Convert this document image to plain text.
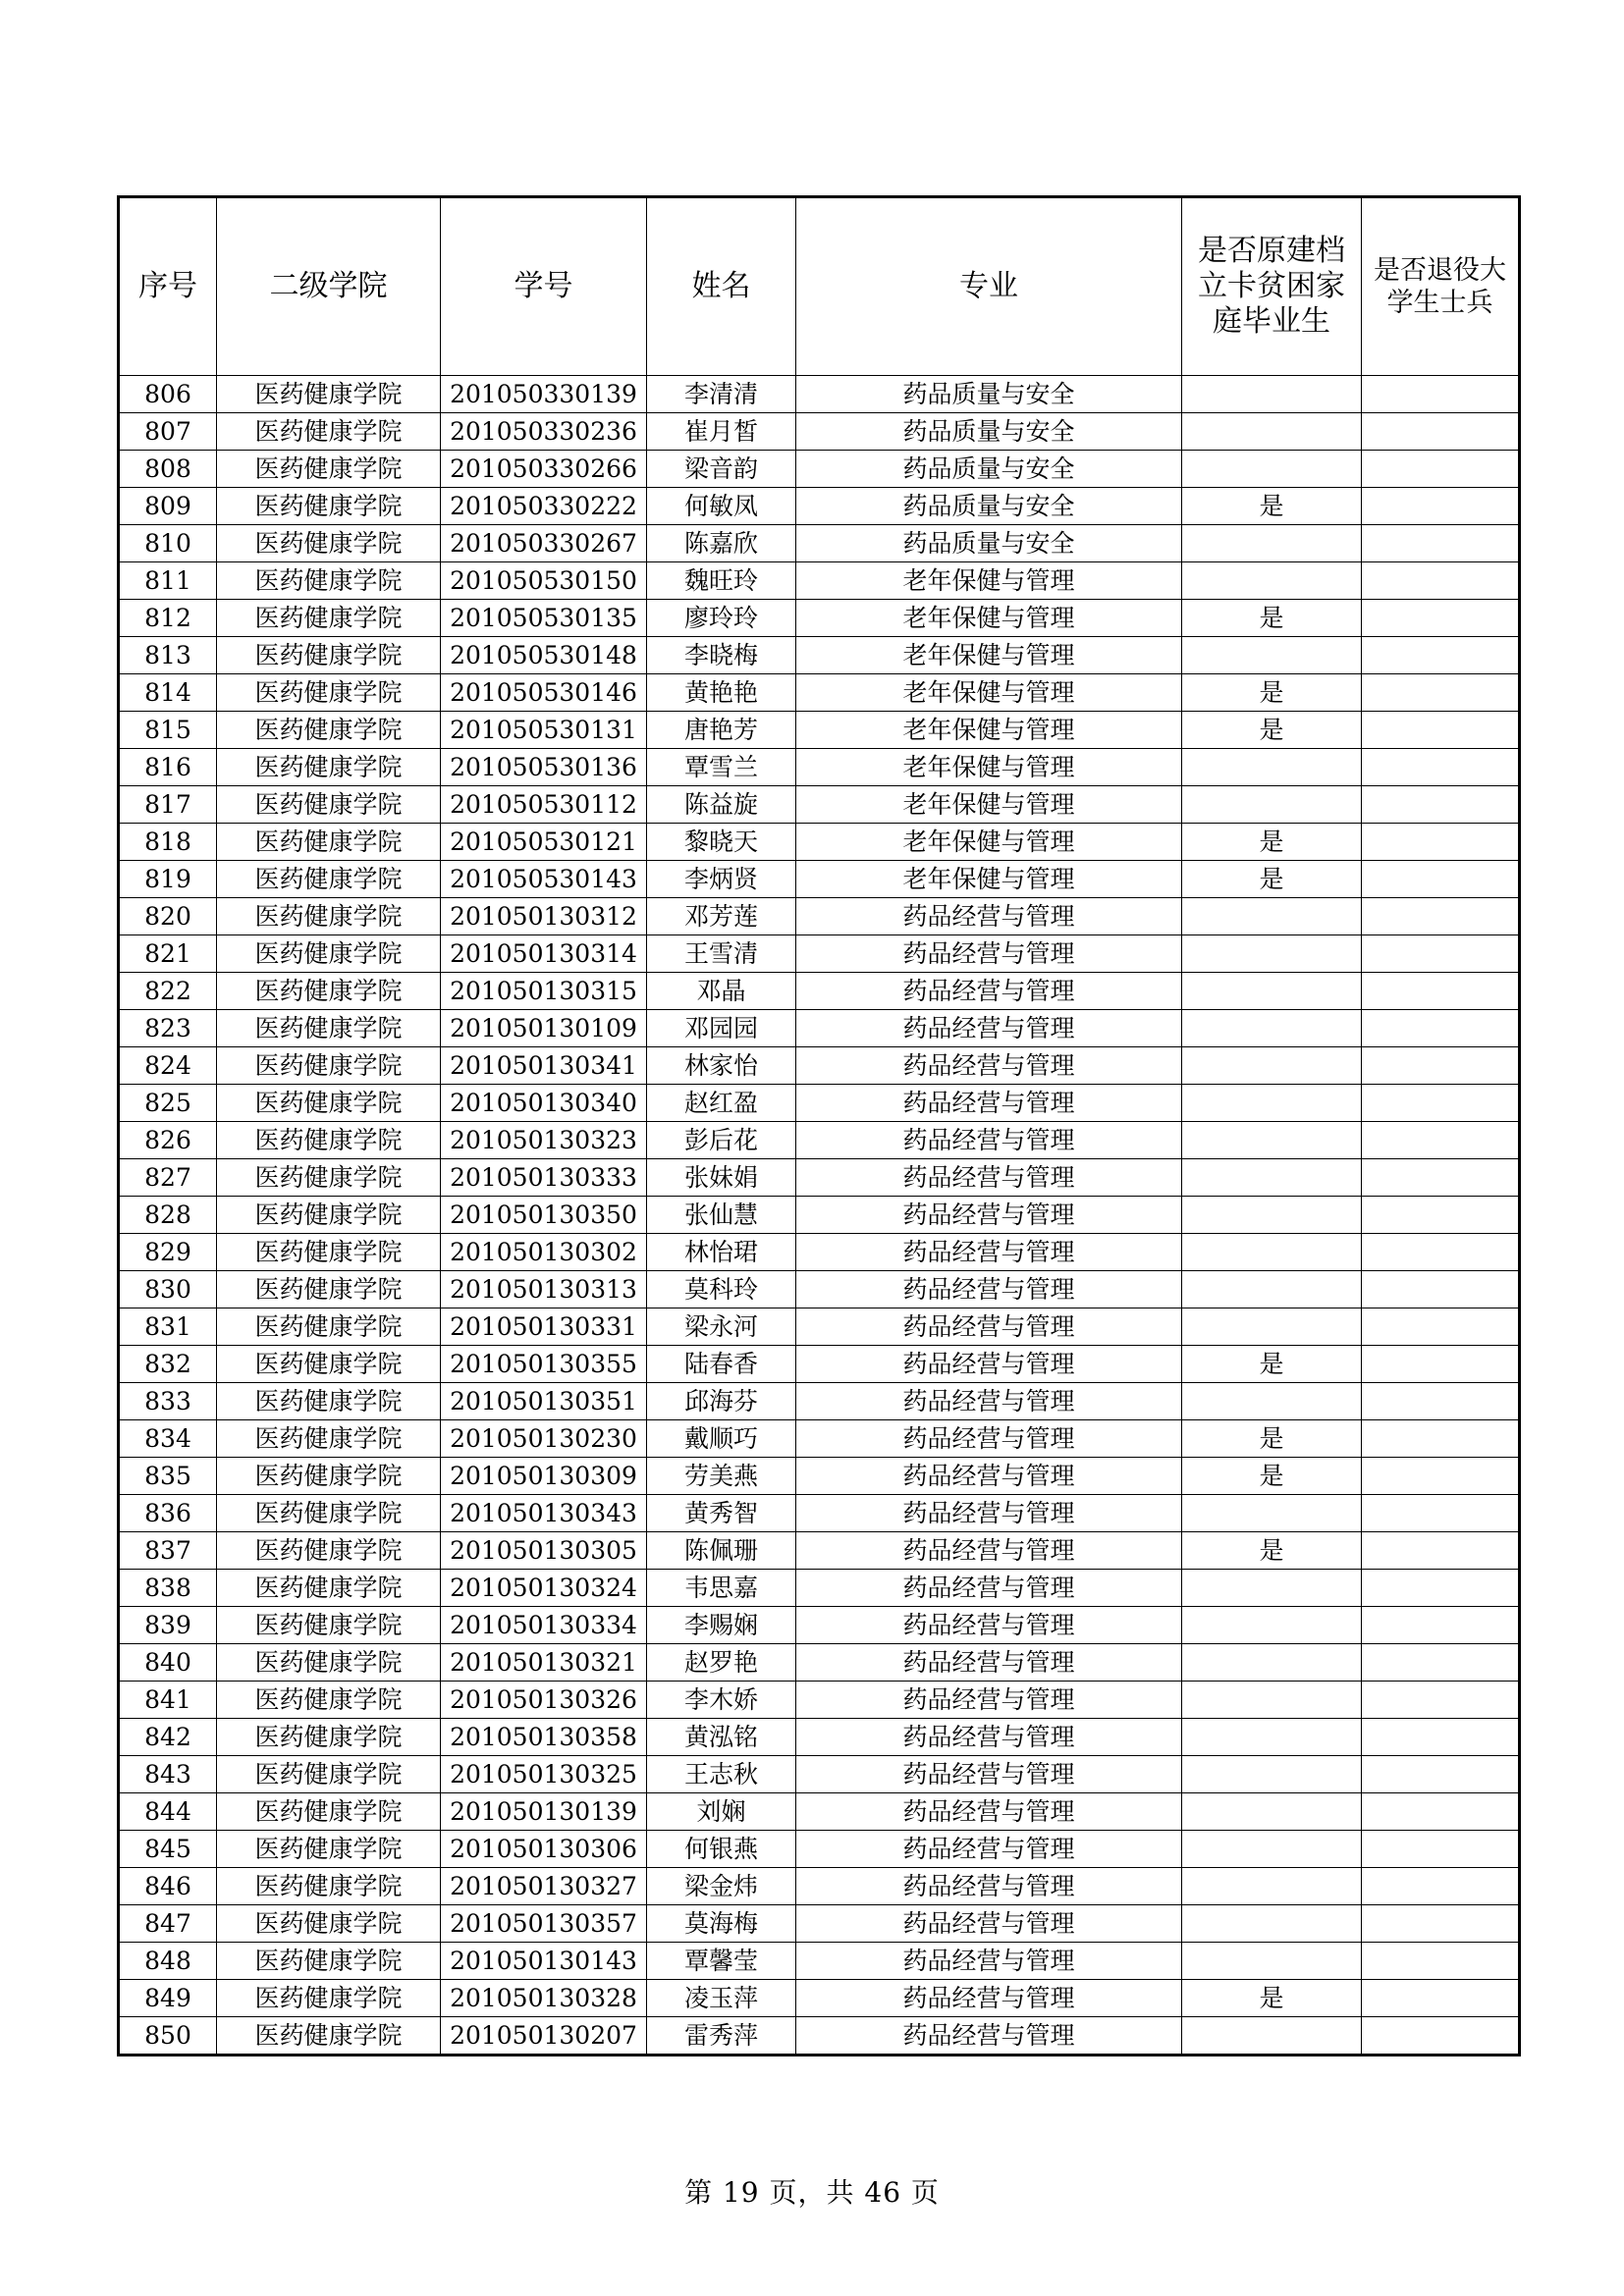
序号	二级学院	学号	姓名	专业	是否原建档立卡贫困家庭毕业生	是否退役大学生士兵
806	医药健康学院	201050330139	李清清	药品质量与安全		
807	医药健康学院	201050330236	崔月皙	药品质量与安全		
808	医药健康学院	201050330266	梁音韵	药品质量与安全		
809	医药健康学院	201050330222	何敏凤	药品质量与安全	是	
810	医药健康学院	201050330267	陈嘉欣	药品质量与安全		
811	医药健康学院	201050530150	魏旺玲	老年保健与管理		
812	医药健康学院	201050530135	廖玲玲	老年保健与管理	是	
813	医药健康学院	201050530148	李晓梅	老年保健与管理		
814	医药健康学院	201050530146	黄艳艳	老年保健与管理	是	
815	医药健康学院	201050530131	唐艳芳	老年保健与管理	是	
816	医药健康学院	201050530136	覃雪兰	老年保健与管理		
817	医药健康学院	201050530112	陈益旋	老年保健与管理		
818	医药健康学院	201050530121	黎晓天	老年保健与管理	是	
819	医药健康学院	201050530143	李炳贤	老年保健与管理	是	
820	医药健康学院	201050130312	邓芳莲	药品经营与管理		
821	医药健康学院	201050130314	王雪清	药品经营与管理		
822	医药健康学院	201050130315	邓晶	药品经营与管理		
823	医药健康学院	201050130109	邓园园	药品经营与管理		
824	医药健康学院	201050130341	林家怡	药品经营与管理		
825	医药健康学院	201050130340	赵红盈	药品经营与管理		
826	医药健康学院	201050130323	彭后花	药品经营与管理		
827	医药健康学院	201050130333	张妹娟	药品经营与管理		
828	医药健康学院	201050130350	张仙慧	药品经营与管理		
829	医药健康学院	201050130302	林怡珺	药品经营与管理		
830	医药健康学院	201050130313	莫科玲	药品经营与管理		
831	医药健康学院	201050130331	梁永河	药品经营与管理		
832	医药健康学院	201050130355	陆春香	药品经营与管理	是	
833	医药健康学院	201050130351	邱海芬	药品经营与管理		
834	医药健康学院	201050130230	戴顺巧	药品经营与管理	是	
835	医药健康学院	201050130309	劳美燕	药品经营与管理	是	
836	医药健康学院	201050130343	黄秀智	药品经营与管理		
837	医药健康学院	201050130305	陈佩珊	药品经营与管理	是	
838	医药健康学院	201050130324	韦思嘉	药品经营与管理		
839	医药健康学院	201050130334	李赐娴	药品经营与管理		
840	医药健康学院	201050130321	赵罗艳	药品经营与管理		
841	医药健康学院	201050130326	李木娇	药品经营与管理		
842	医药健康学院	201050130358	黄泓铭	药品经营与管理		
843	医药健康学院	201050130325	王志秋	药品经营与管理		
844	医药健康学院	201050130139	刘娴	药品经营与管理		
845	医药健康学院	201050130306	何银燕	药品经营与管理		
846	医药健康学院	201050130327	梁金炜	药品经营与管理		
847	医药健康学院	201050130357	莫海梅	药品经营与管理		
848	医药健康学院	201050130143	覃馨莹	药品经营与管理		
849	医药健康学院	201050130328	凌玉萍	药品经营与管理	是	
850	医药健康学院	201050130207	雷秀萍	药品经营与管理		
第 19 页，共 46 页
